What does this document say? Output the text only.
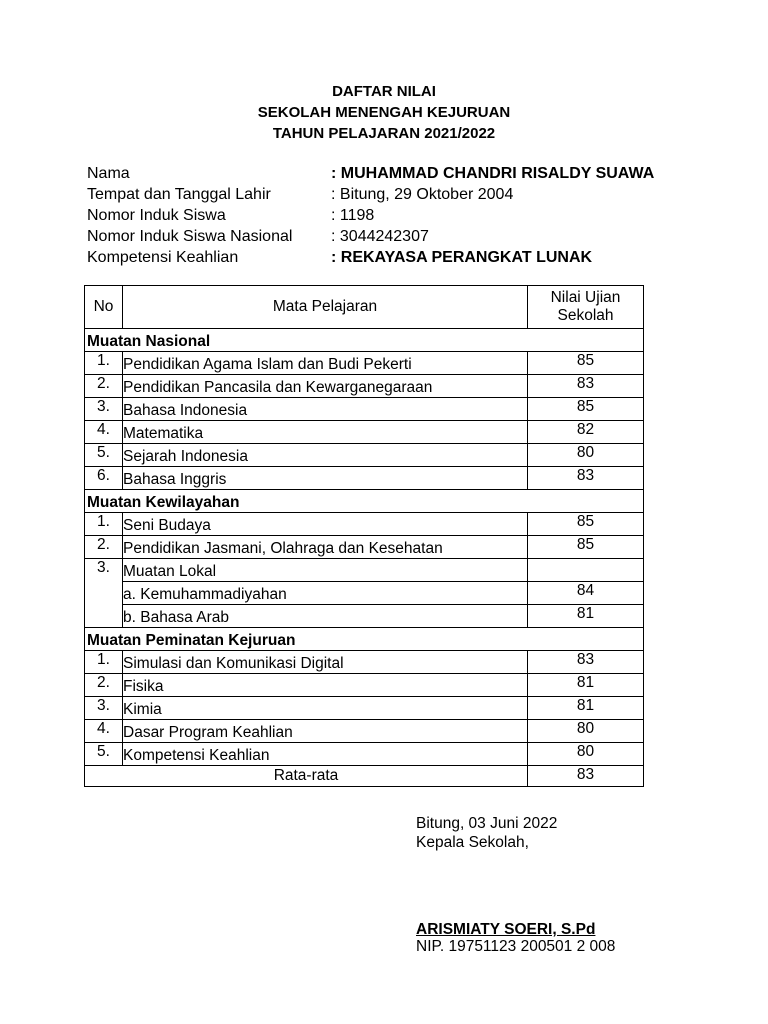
DAFTAR NILAI
SEKOLAH MENENGAH KEJURUAN
TAHUN PELAJARAN 2021/2022
Nama	: MUHAMMAD CHANDRI RISALDY SUAWA
Tempat dan Tanggal Lahir	: Bitung, 29 Oktober 2004
Nomor Induk Siswa	: 1198
Nomor Induk Siswa Nasional : 3044242307
Kompetensi Keahlian	: REKAYASA PERANGKAT LUNAK
No	Mata Pelajaran	Nilai Ujian
Sekolah
Muatan Nasional		
1.	Pendidikan Agama Islam dan Budi Pekerti	85
2.	Pendidikan Pancasila dan Kewarganegaraan	83
3.	Bahasa Indonesia	85
4.	Matematika	82
5.	Sejarah Indonesia	80
6.	Bahasa Inggris	83
Muatan Kewilayahan		
1.	Seni Budaya	85
2.	Pendidikan Jasmani, Olahraga dan Kesehatan	85
3.	Muatan Lokal	
	a. Kemuhammadiyahan	84
	b. Bahasa Arab	81
Muatan Peminatan Kejuruan		
1.	Simulasi dan Komunikasi Digital	83
2.	Fisika	81
3.	Kimia	81
4.	Dasar Program Keahlian	80
5.	Kompetensi Keahlian	80
Rata-rata		83
Bitung, 03 Juni 2022
Kepala Sekolah,
ARISMIATY SOERI, S.Pd
NIP. 19751123 200501 2 008
